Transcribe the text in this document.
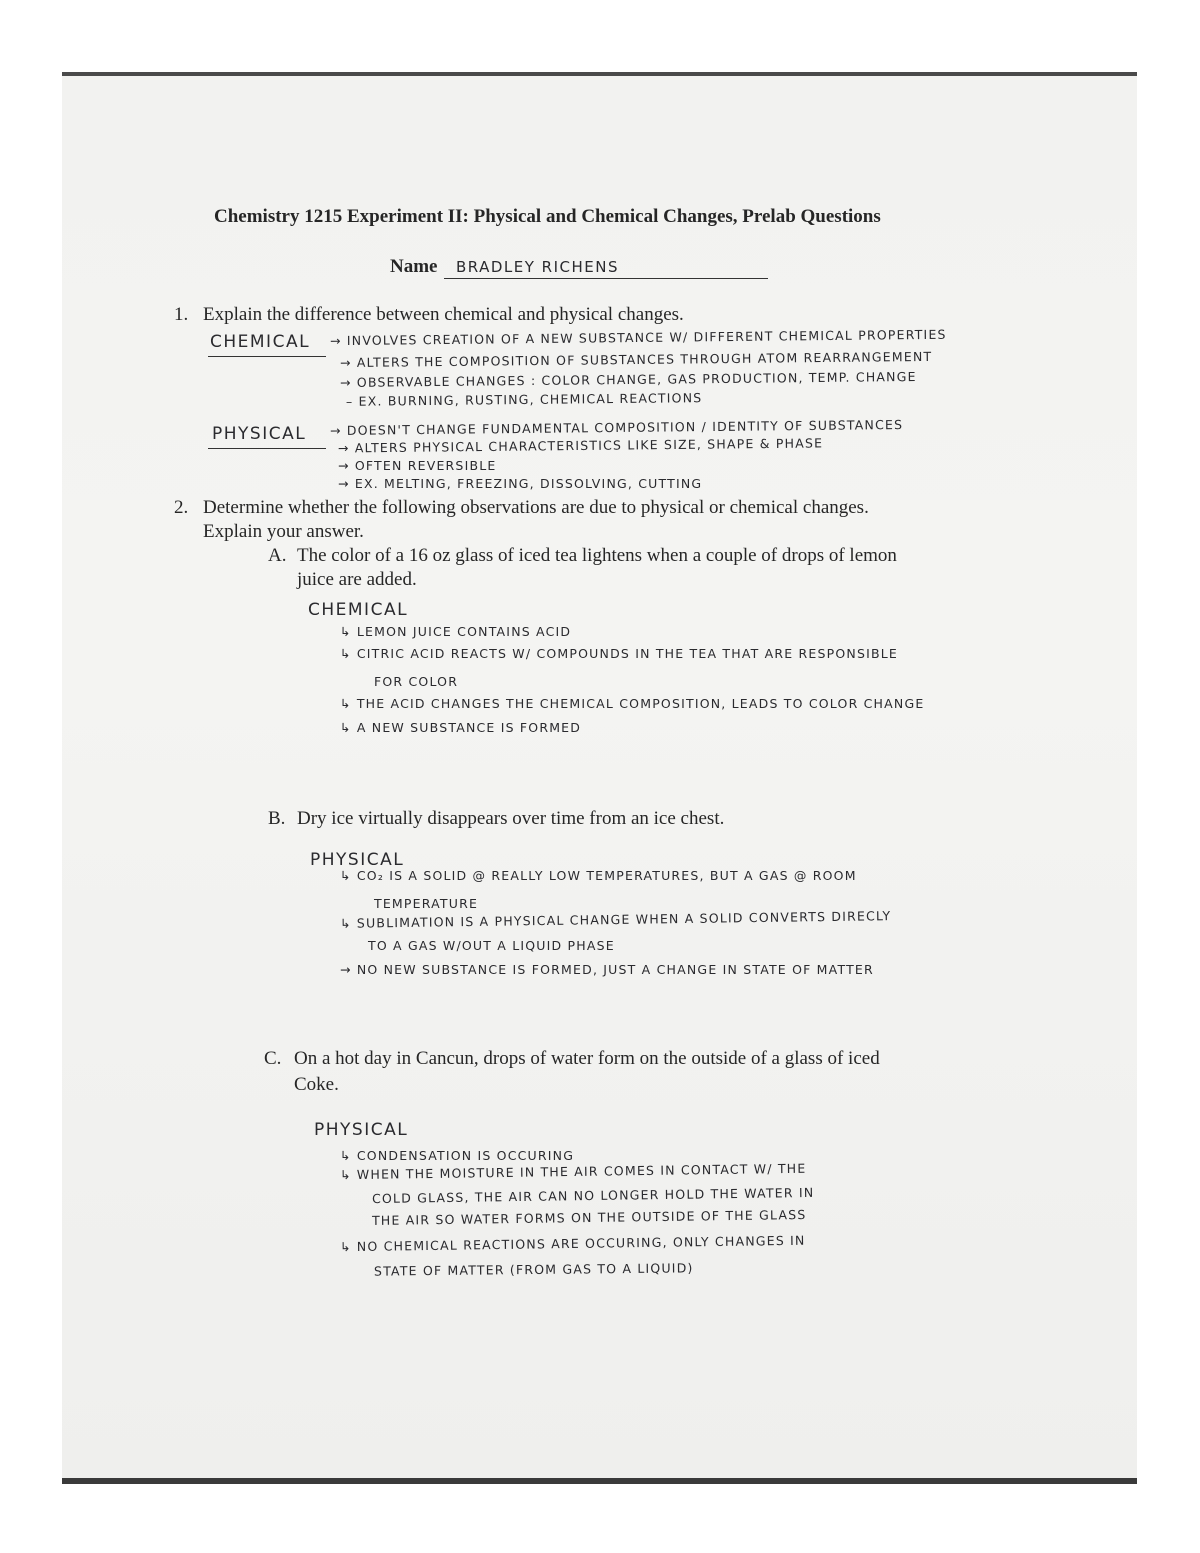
Chemistry 1215 Experiment II: Physical and Chemical Changes, Prelab Questions
Name BRADLEY RICHENS
1. Explain the difference between chemical and physical changes.
CHEMICAL → INVOLVES CREATION OF A NEW SUBSTANCE W/ DIFFERENT CHEMICAL PROPERTIES
→ ALTERS THE COMPOSITION OF SUBSTANCES THROUGH ATOM REARRANGEMENT
→ OBSERVABLE CHANGES : COLOR CHANGE, GAS PRODUCTION, TEMP. CHANGE
– EX. BURNING, RUSTING, CHEMICAL REACTIONS
PHYSICAL → DOESN'T CHANGE FUNDAMENTAL COMPOSITION / IDENTITY OF SUBSTANCES
→ ALTERS PHYSICAL CHARACTERISTICS LIKE SIZE, SHAPE & PHASE
→ OFTEN REVERSIBLE
→ EX. MELTING, FREEZING, DISSOLVING, CUTTING
2. Determine whether the following observations are due to physical or chemical changes.
Explain your answer.
A. The color of a 16 oz glass of iced tea lightens when a couple of drops of lemon
juice are added.
CHEMICAL
↳ LEMON JUICE CONTAINS ACID
↳ CITRIC ACID REACTS W/ COMPOUNDS IN THE TEA THAT ARE RESPONSIBLE
FOR COLOR
↳ THE ACID CHANGES THE CHEMICAL COMPOSITION, LEADS TO COLOR CHANGE
↳ A NEW SUBSTANCE IS FORMED
B. Dry ice virtually disappears over time from an ice chest.
PHYSICAL
↳ CO₂ IS A SOLID @ REALLY LOW TEMPERATURES, BUT A GAS @ ROOM
TEMPERATURE
↳ SUBLIMATION IS A PHYSICAL CHANGE WHEN A SOLID CONVERTS DIRECLY
TO A GAS W/OUT A LIQUID PHASE
→ NO NEW SUBSTANCE IS FORMED, JUST A CHANGE IN STATE OF MATTER
C. On a hot day in Cancun, drops of water form on the outside of a glass of iced
Coke.
PHYSICAL
↳ CONDENSATION IS OCCURING
↳ WHEN THE MOISTURE IN THE AIR COMES IN CONTACT W/ THE
COLD GLASS, THE AIR CAN NO LONGER HOLD THE WATER IN
THE AIR SO WATER FORMS ON THE OUTSIDE OF THE GLASS
↳ NO CHEMICAL REACTIONS ARE OCCURING, ONLY CHANGES IN
STATE OF MATTER (FROM GAS TO A LIQUID)
